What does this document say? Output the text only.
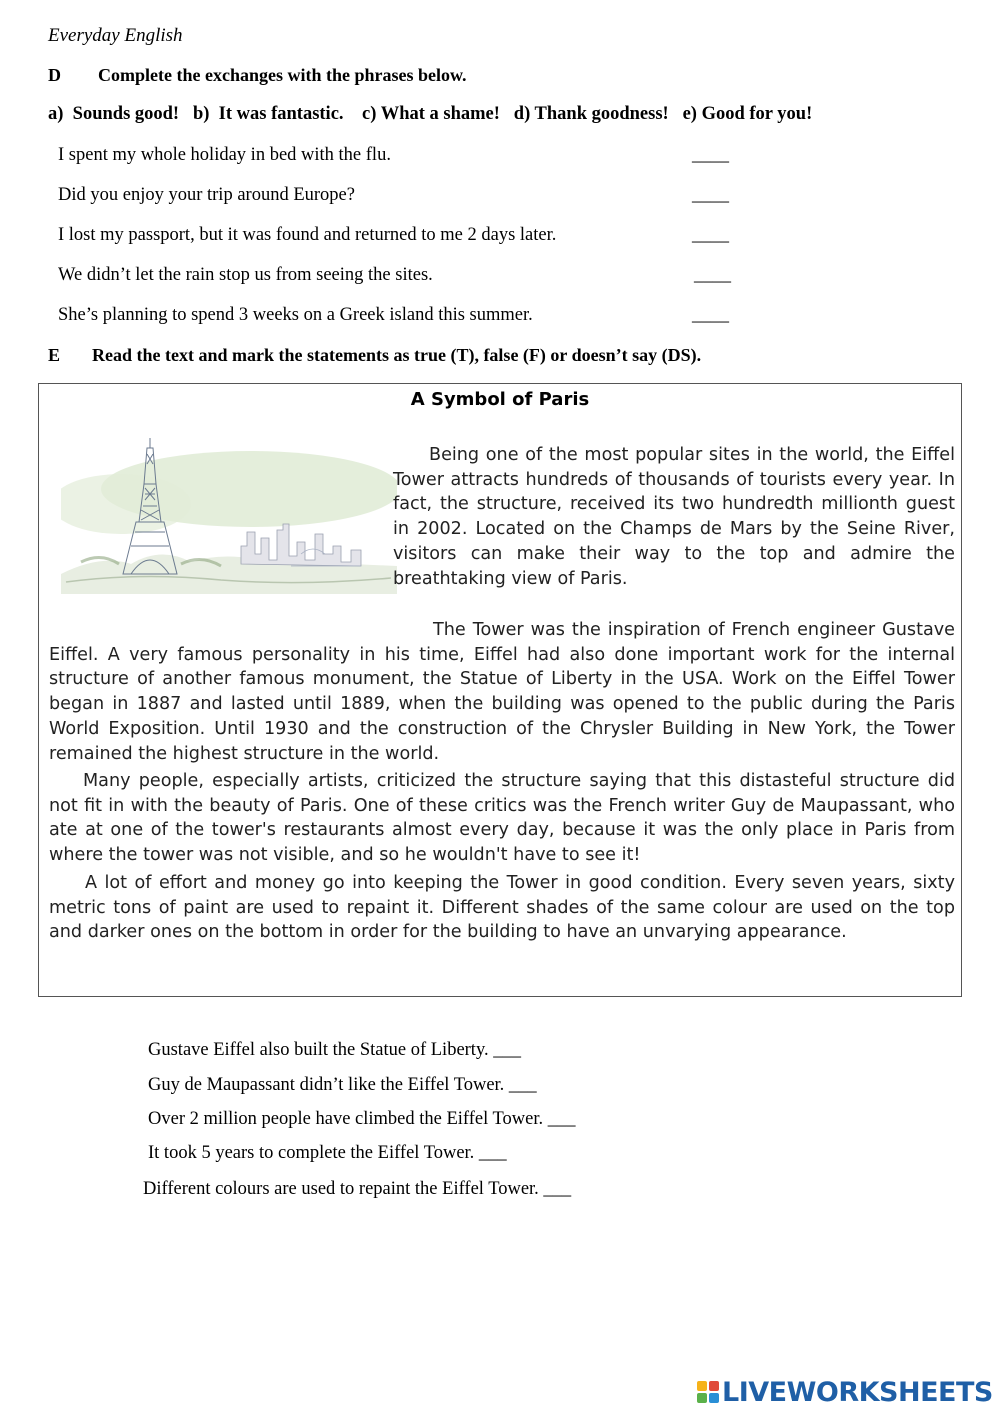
Everyday English
D Complete the exchanges with the phrases below.
a)  Sounds good!   b)  It was fantastic.    c) What a shame!   d) Thank goodness!   e) Good for you!
I spent my whole holiday in bed with the flu.	____
Did you enjoy your trip around Europe?	____
I lost my passport, but it was found and returned to me 2 days later.	____
We didn’t let the rain stop us from seeing the sites.	____
She’s planning to spend 3 weeks on a Greek island this summer.	____
E Read the text and mark the statements as true (T), false (F) or doesn’t say (DS).
A Symbol of Paris
Being one of the most popular sites in the world, the Eiffel Tower attracts hundreds of thousands of tourists every year. In fact, the structure, received its two hundredth millionth guest in 2002. Located on the Champs de Mars by the Seine River, visitors can make their way to the top and admire the breathtaking view of Paris.
The Tower was the inspiration of French engineer Gustave Eiffel. A very famous personality in his time, Eiffel had also done important work for the internal structure of another famous monument, the Statue of Liberty in the USA. Work on the Eiffel Tower began in 1887 and lasted until 1889, when the building was opened to the public during the Paris World Exposition. Until 1930 and the construction of the Chrysler Building in New York, the Tower remained the highest structure in the world.
Many people, especially artists, criticized the structure saying that this distasteful structure did not fit in with the beauty of Paris. One of these critics was the French writer Guy de Maupassant, who ate at one of the tower's restaurants almost every day, because it was the only place in Paris from where the tower was not visible, and so he wouldn't have to see it!
A lot of effort and money go into keeping the Tower in good condition. Every seven years, sixty metric tons of paint are used to repaint it. Different shades of the same colour are used on the top and darker ones on the bottom in order for the building to have an unvarying appearance.
Gustave Eiffel also built the Statue of Liberty. ___
Guy de Maupassant didn’t like the Eiffel Tower. ___
Over 2 million people have climbed the Eiffel Tower. ___
It took 5 years to complete the Eiffel Tower. ___
Different colours are used to repaint the Eiffel Tower. ___
LIVEWORKSHEETS
